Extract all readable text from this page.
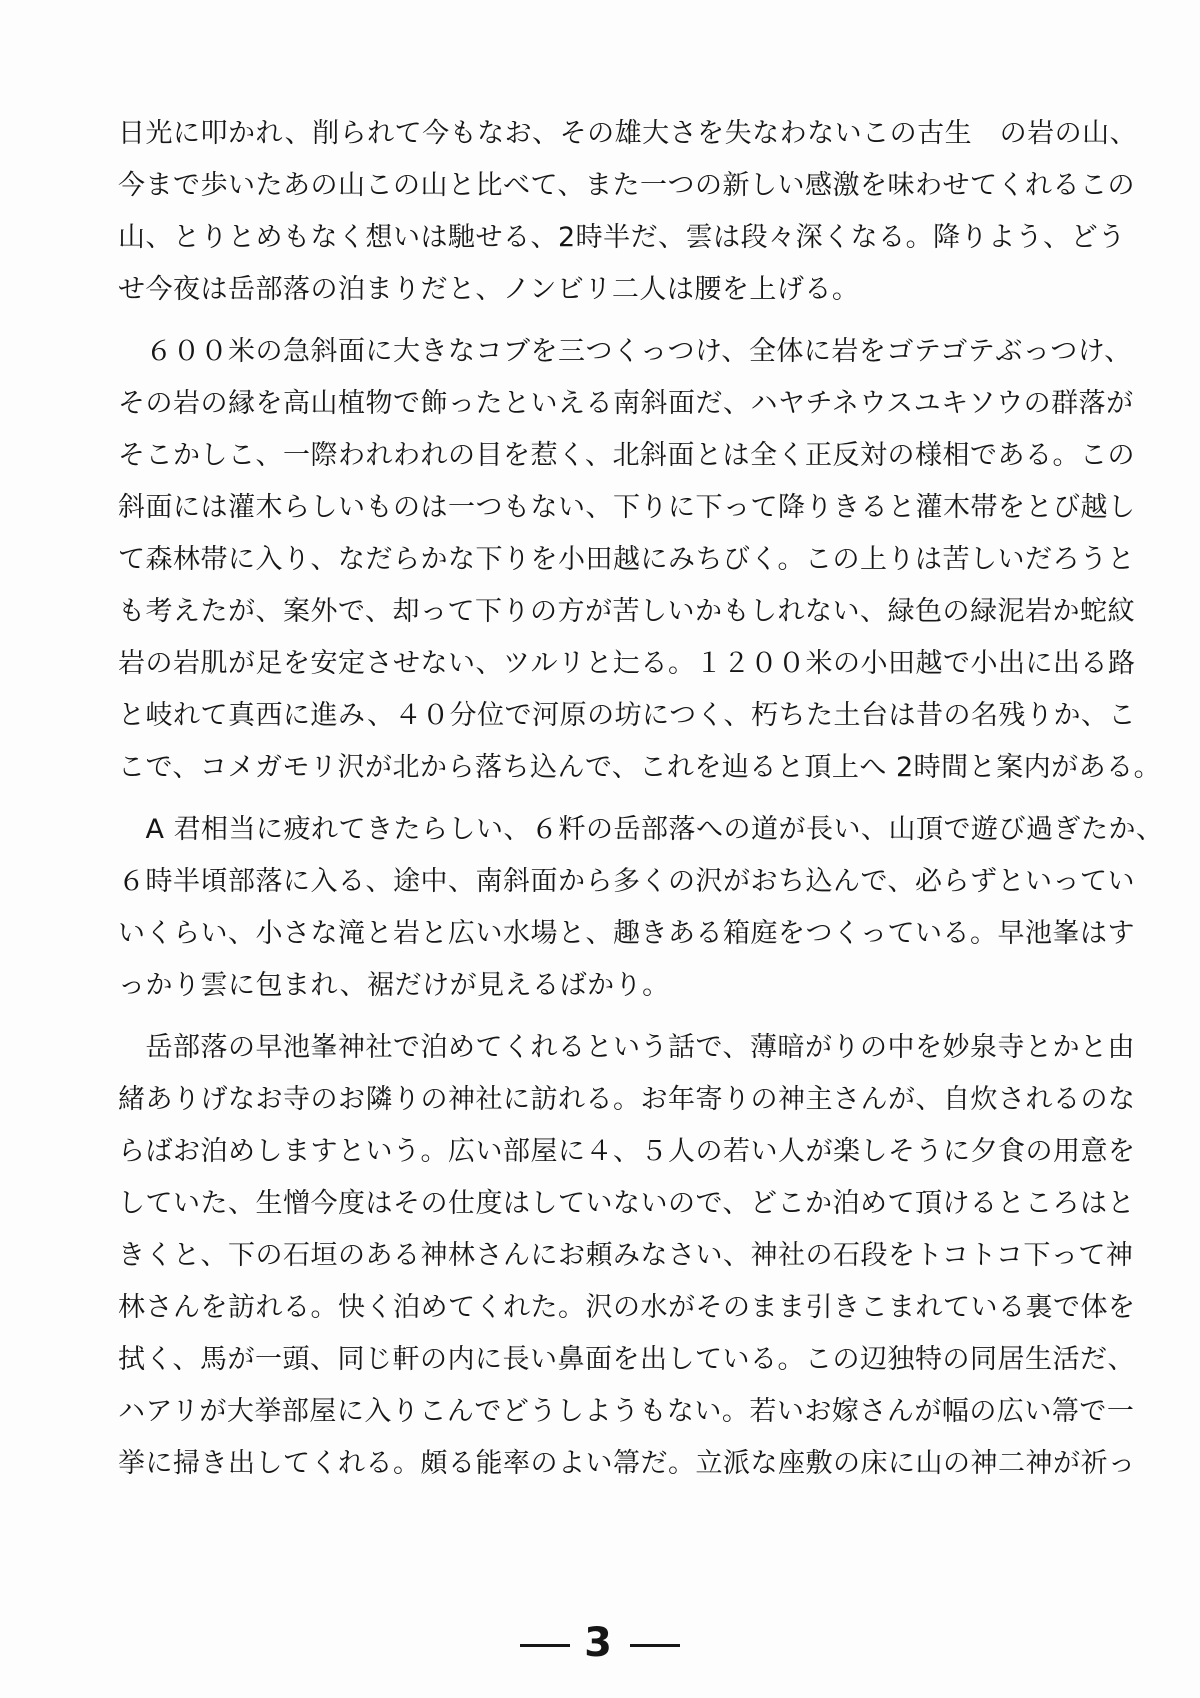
日光に叩かれ、削られて今もなお、その雄大さを失なわないこの古生　の岩の山、
今まで歩いたあの山この山と比べて、また一つの新しい感激を味わせてくれるこの
山、とりとめもなく想いは馳せる、2時半だ、雲は段々深くなる。降りよう、どう
せ今夜は岳部落の泊まりだと、ノンビリ二人は腰を上げる。
　６００米の急斜面に大きなコブを三つくっつけ、全体に岩をゴテゴテぶっつけ、
その岩の縁を高山植物で飾ったといえる南斜面だ、ハヤチネウスユキソウの群落が
そこかしこ、一際われわれの目を惹く、北斜面とは全く正反対の様相である。この
斜面には灌木らしいものは一つもない、下りに下って降りきると灌木帯をとび越し
て森林帯に入り、なだらかな下りを小田越にみちびく。この上りは苦しいだろうと
も考えたが、案外で、却って下りの方が苦しいかもしれない、緑色の緑泥岩か蛇紋
岩の岩肌が足を安定させない、ツルリと辷る。１２００米の小田越で小出に出る路
と岐れて真西に進み、４０分位で河原の坊につく、朽ちた土台は昔の名残りか、こ
こで、コメガモリ沢が北から落ち込んで、これを辿ると頂上へ 2時間と案内がある。
　A 君相当に疲れてきたらしい、６粁の岳部落への道が長い、山頂で遊び過ぎたか、
６時半頃部落に入る、途中、南斜面から多くの沢がおち込んで、必らずといってい
いくらい、小さな滝と岩と広い水場と、趣きある箱庭をつくっている。早池峯はす
っかり雲に包まれ、裾だけが見えるばかり。
　岳部落の早池峯神社で泊めてくれるという話で、薄暗がりの中を妙泉寺とかと由
緒ありげなお寺のお隣りの神社に訪れる。お年寄りの神主さんが、自炊されるのな
らばお泊めしますという。広い部屋に４、５人の若い人が楽しそうに夕食の用意を
していた、生憎今度はその仕度はしていないので、どこか泊めて頂けるところはと
きくと、下の石垣のある神林さんにお頼みなさい、神社の石段をトコトコ下って神
林さんを訪れる。快く泊めてくれた。沢の水がそのまま引きこまれている裏で体を
拭く、馬が一頭、同じ軒の内に長い鼻面を出している。この辺独特の同居生活だ、
ハアリが大挙部屋に入りこんでどうしようもない。若いお嫁さんが幅の広い箒で一
挙に掃き出してくれる。頗る能率のよい箒だ。立派な座敷の床に山の神二神が祈っ
3
